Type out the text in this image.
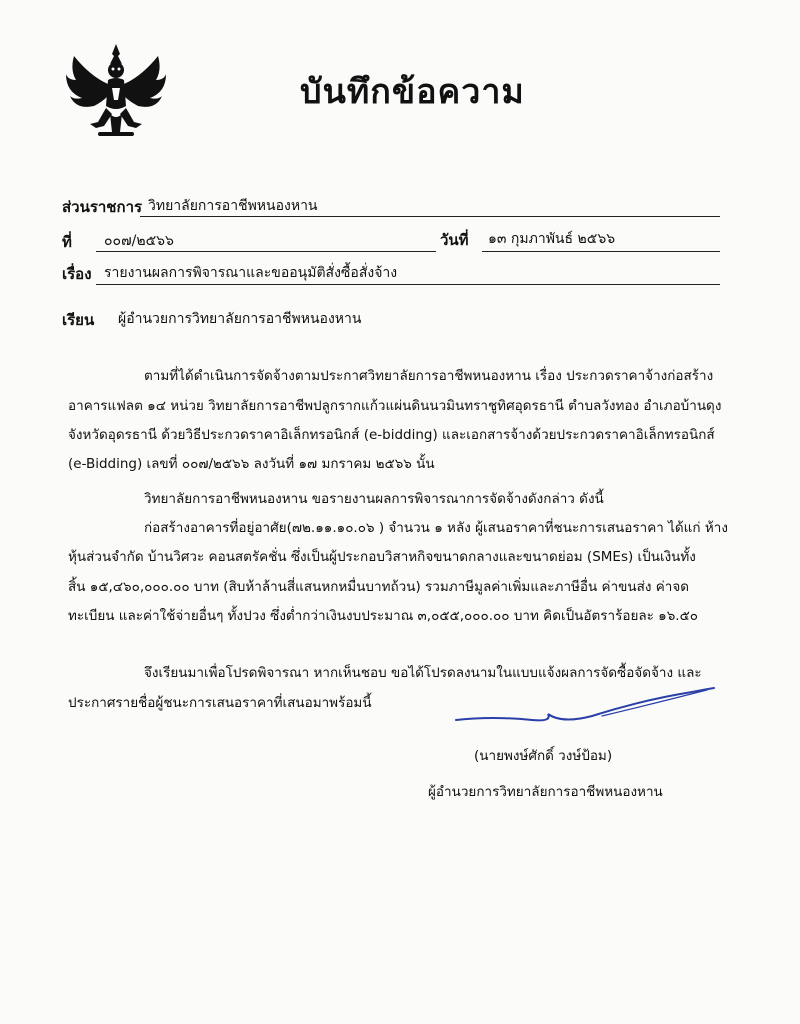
บันทึกข้อความ
ส่วนราชการ วิทยาลัยการอาชีพหนองหาน
ที่ ๐๐๗/๒๕๖๖	วันที่ ๑๓ กุมภาพันธ์ ๒๕๖๖
เรื่อง รายงานผลการพิจารณาและขออนุมัติสั่งซื้อสั่งจ้าง
เรียน ผู้อำนวยการวิทยาลัยการอาชีพหนองหาน
ตามที่ได้ดำเนินการจัดจ้างตามประกาศวิทยาลัยการอาชีพหนองหาน เรื่อง ประกวดราคาจ้างก่อสร้าง
อาคารแฟลต ๑๔ หน่วย วิทยาลัยการอาชีพปลูกรากแก้วแผ่นดินนวมินทราชูทิศอุดรธานี ตำบลวังทอง อำเภอบ้านดุง
จังหวัดอุดรธานี ด้วยวิธีประกวดราคาอิเล็กทรอนิกส์ (e-bidding) และเอกสารจ้างด้วยประกวดราคาอิเล็กทรอนิกส์
(e-Bidding) เลขที่ ๐๐๗/๒๕๖๖ ลงวันที่ ๑๗ มกราคม ๒๕๖๖ นั้น
วิทยาลัยการอาชีพหนองหาน ขอรายงานผลการพิจารณาการจัดจ้างดังกล่าว ดังนี้
ก่อสร้างอาคารที่อยู่อาศัย(๗๒.๑๑.๑๐.๐๖ ) จำนวน ๑ หลัง ผู้เสนอราคาที่ชนะการเสนอราคา ได้แก่ ห้าง
หุ้นส่วนจำกัด บ้านวิศวะ คอนสตรัคชั่น ซึ่งเป็นผู้ประกอบวิสาหกิจขนาดกลางและขนาดย่อม (SMEs) เป็นเงินทั้ง
สิ้น ๑๕,๔๖๐,๐๐๐.๐๐ บาท (สิบห้าล้านสี่แสนหกหมื่นบาทถ้วน) รวมภาษีมูลค่าเพิ่มและภาษีอื่น ค่าขนส่ง ค่าจด
ทะเบียน และค่าใช้จ่ายอื่นๆ ทั้งปวง ซึ่งต่ำกว่าเงินงบประมาณ ๓,๐๕๕,๐๐๐.๐๐ บาท คิดเป็นอัตราร้อยละ ๑๖.๕๐
จึงเรียนมาเพื่อโปรดพิจารณา หากเห็นชอบ ขอได้โปรดลงนามในแบบแจ้งผลการจัดซื้อจัดจ้าง และ
ประกาศรายชื่อผู้ชนะการเสนอราคาที่เสนอมาพร้อมนี้
(นายพงษ์ศักดิ์ วงษ์ป้อม)
ผู้อำนวยการวิทยาลัยการอาชีพหนองหาน
